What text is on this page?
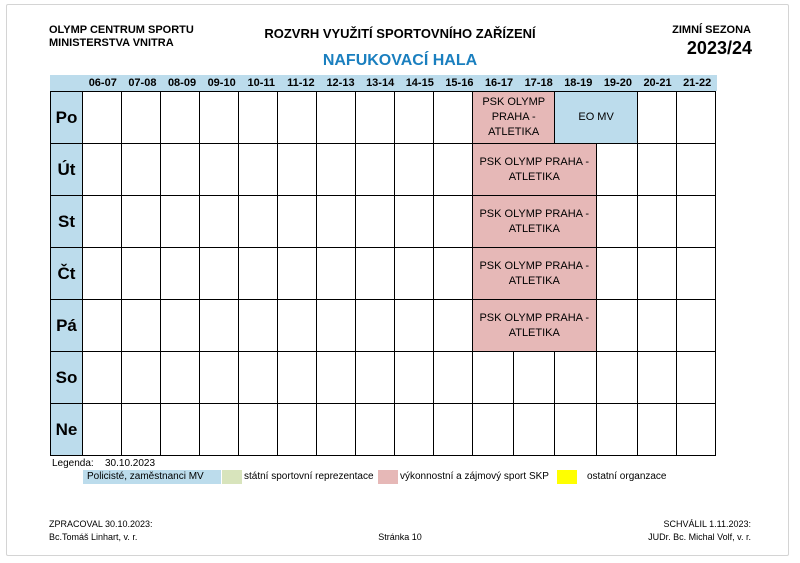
OLYMP CENTRUM SPORTU
MINISTERSTVA VNITRA
ROZVRH VYUŽITÍ SPORTOVNÍHO ZAŘÍZENÍ
NAFUKOVACÍ HALA
ZIMNÍ SEZONA
2023/24
06-07	07-08	08-09	09-10	10-11	11-12	12-13	13-14	14-15	15-16	16-17	17-18	18-19	19-20	20-21	21-22
Po											PSK OLYMP PRAHA - ATLETIKA		EO MV			
Út											PSK OLYMP PRAHA - ATLETIKA					
St											PSK OLYMP PRAHA - ATLETIKA					
Čt											PSK OLYMP PRAHA - ATLETIKA					
Pá											PSK OLYMP PRAHA - ATLETIKA					
So																
Ne																
Legenda: 30.10.2023
Policisté, zaměstnanci MV	státní sportovní reprezentace	výkonnostní a zájmový sport SKP	ostatní organzace
ZPRACOVAL 30.10.2023:
Bc.Tomáš Linhart, v. r.	Stránka 10
SCHVÁLIL 1.11.2023:
JUDr. Bc. Michal Volf, v. r.
